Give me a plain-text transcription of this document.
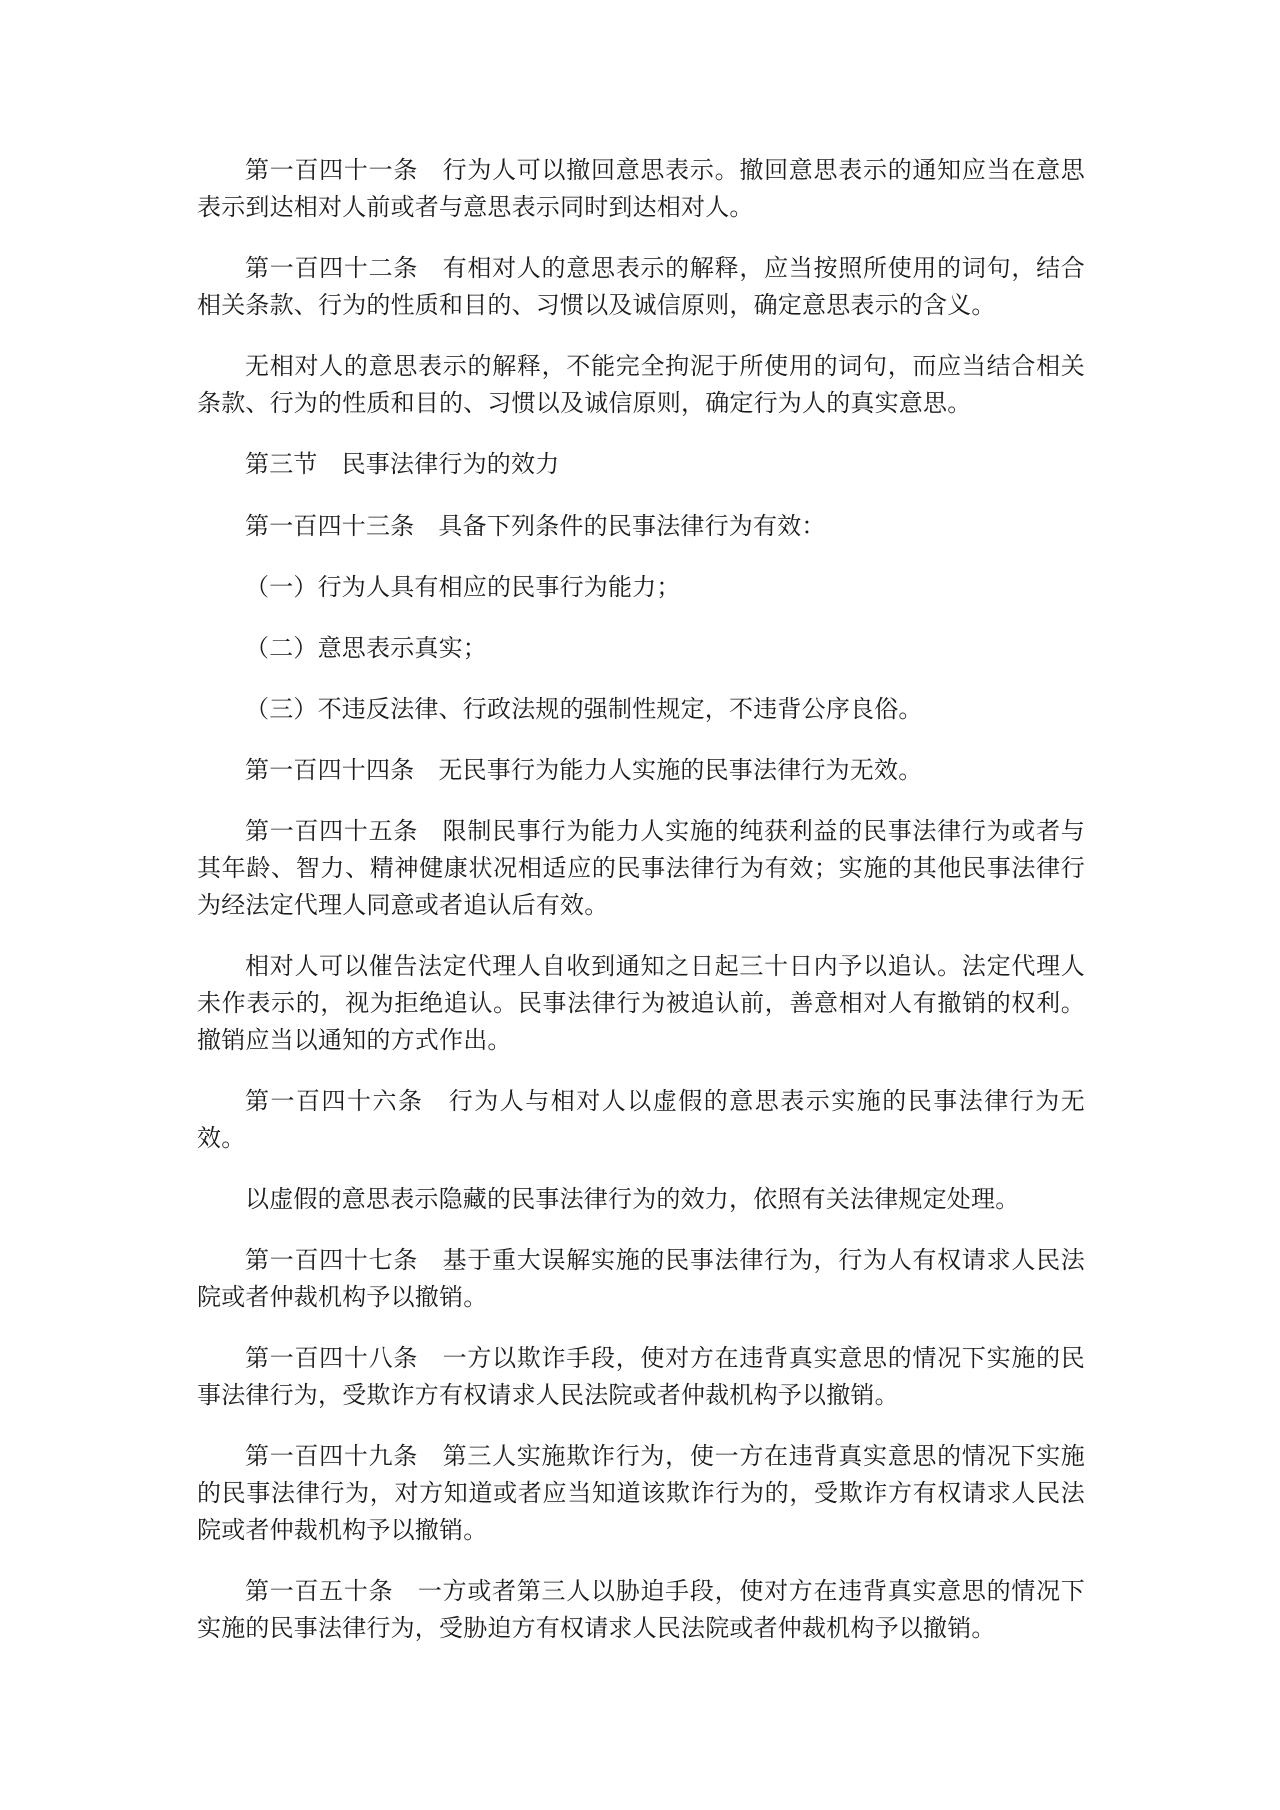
第一百四十一条 行为人可以撤回意思表示。撤回意思表示的通知应当在意思表示到达相对人前或者与意思表示同时到达相对人。

第一百四十二条 有相对人的意思表示的解释，应当按照所使用的词句，结合相关条款、行为的性质和目的、习惯以及诚信原则，确定意思表示的含义。

无相对人的意思表示的解释，不能完全拘泥于所使用的词句，而应当结合相关条款、行为的性质和目的、习惯以及诚信原则，确定行为人的真实意思。

第三节 民事法律行为的效力

第一百四十三条 具备下列条件的民事法律行为有效：

（一）行为人具有相应的民事行为能力；

（二）意思表示真实；

（三）不违反法律、行政法规的强制性规定，不违背公序良俗。

第一百四十四条 无民事行为能力人实施的民事法律行为无效。

第一百四十五条 限制民事行为能力人实施的纯获利益的民事法律行为或者与其年龄、智力、精神健康状况相适应的民事法律行为有效；实施的其他民事法律行为经法定代理人同意或者追认后有效。

相对人可以催告法定代理人自收到通知之日起三十日内予以追认。法定代理人未作表示的，视为拒绝追认。民事法律行为被追认前，善意相对人有撤销的权利。撤销应当以通知的方式作出。

第一百四十六条 行为人与相对人以虚假的意思表示实施的民事法律行为无效。

以虚假的意思表示隐藏的民事法律行为的效力，依照有关法律规定处理。

第一百四十七条 基于重大误解实施的民事法律行为，行为人有权请求人民法院或者仲裁机构予以撤销。

第一百四十八条 一方以欺诈手段，使对方在违背真实意思的情况下实施的民事法律行为，受欺诈方有权请求人民法院或者仲裁机构予以撤销。

第一百四十九条 第三人实施欺诈行为，使一方在违背真实意思的情况下实施的民事法律行为，对方知道或者应当知道该欺诈行为的，受欺诈方有权请求人民法院或者仲裁机构予以撤销。

第一百五十条 一方或者第三人以胁迫手段，使对方在违背真实意思的情况下实施的民事法律行为，受胁迫方有权请求人民法院或者仲裁机构予以撤销。
